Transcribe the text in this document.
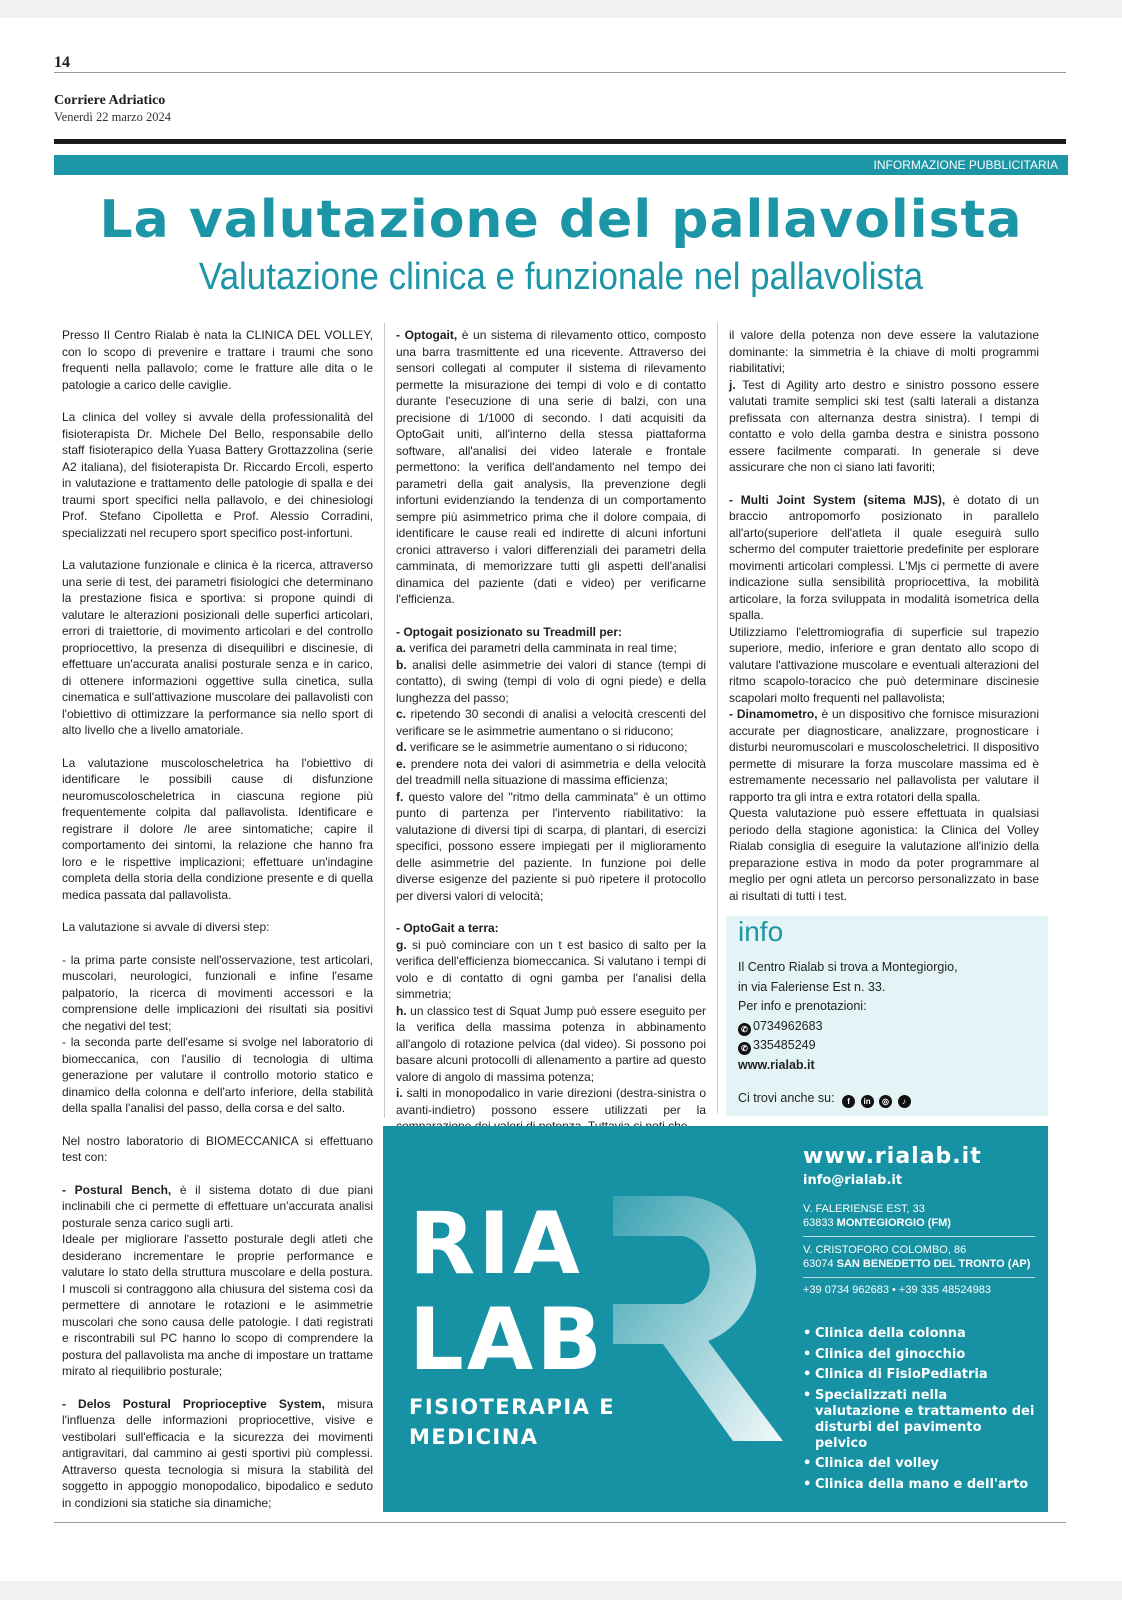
14
Corriere Adriatico
Venerdì 22 marzo 2024
INFORMAZIONE PUBBLICITARIA
La valutazione del pallavolista
Valutazione clinica e funzionale nel pallavolista

Presso Il Centro Rialab è nata la CLINICA DEL VOLLEY, con lo scopo di prevenire e trattare i traumi che sono frequenti nella pallavolo; come le fratture alle dita o le patologie a carico delle caviglie.

La clinica del volley si avvale della professionalità del fisioterapista Dr. Michele Del Bello, responsabile dello staff fisioterapico della Yuasa Battery Grottazzolina (serie A2 italiana), del fisioterapista Dr. Riccardo Ercoli, esperto in valutazione e trattamento delle patologie di spalla e dei traumi sport specifici nella pallavolo, e dei chinesiologi Prof. Stefano Cipolletta e Prof. Alessio Corradini, specializzati nel recupero sport specifico post-infortuni.

La valutazione funzionale e clinica è la ricerca, attraverso una serie di test, dei parametri fisiologici che determinano la prestazione fisica e sportiva: si propone quindi di valutare le alterazioni posizionali delle superfici articolari, errori di traiettorie, di movimento articolari e del controllo propriocettivo, la presenza di disequilibri e discinesie, di effettuare un'accurata analisi posturale senza e in carico, di ottenere informazioni oggettive sulla cinetica, sulla cinematica e sull'attivazione muscolare dei pallavolisti con l'obiettivo di ottimizzare la performance sia nello sport di alto livello che a livello amatoriale.

La valutazione muscoloscheletrica ha l'obiettivo di identificare le possibili cause di disfunzione neuromuscoloscheletrica in ciascuna regione più frequentemente colpita dal pallavolista. Identificare e registrare il dolore /le aree sintomatiche; capire il comportamento dei sintomi, la relazione che hanno fra loro e le rispettive implicazioni; effettuare un'indagine completa della storia della condizione presente e di quella medica passata dal pallavolista.

La valutazione si avvale di diversi step:

- la prima parte consiste nell'osservazione, test articolari, muscolari, neurologici, funzionali e infine l'esame palpatorio, la ricerca di movimenti accessori e la comprensione delle implicazioni dei risultati sia positivi che negativi del test;

- la seconda parte dell'esame si svolge nel laboratorio di biomeccanica, con l'ausilio di tecnologia di ultima generazione per valutare il controllo motorio statico e dinamico della colonna e dell'arto inferiore, della stabilità della spalla l'analisi del passo, della corsa e del salto.

Nel nostro laboratorio di BIOMECCANICA si effettuano test con:

- Postural Bench, è il sistema dotato di due piani inclinabili che ci permette di effettuare un'accurata analisi posturale senza carico sugli arti.

Ideale per migliorare l'assetto posturale degli atleti che desiderano incrementare le proprie performance e valutare lo stato della struttura muscolare e della postura. I muscoli si contraggono alla chiusura del sistema così da permettere di annotare le rotazioni e le asimmetrie muscolari che sono causa delle patologie. I dati registrati e riscontrabili sul PC hanno lo scopo di comprendere la postura del pallavolista ma anche di impostare un trattame mirato al riequilibrio posturale;

- Delos Postural Proprioceptive System, misura l'influenza delle informazioni propriocettive, visive e vestibolari sull'efficacia e la sicurezza dei movimenti antigravitari, dal cammino ai gesti sportivi più complessi. Attraverso questa tecnologia si misura la stabilità del soggetto in appoggio monopodalico, bipodalico e seduto in condizioni sia statiche sia dinamiche;

- Optogait, è un sistema di rilevamento ottico, composto una barra trasmittente ed una ricevente. Attraverso dei sensori collegati al computer il sistema di rilevamento permette la misurazione dei tempi di volo e di contatto durante l'esecuzione di una serie di balzi, con una precisione di 1/1000 di secondo. I dati acquisiti da OptoGait uniti, all'interno della stessa piattaforma software, all'analisi dei video laterale e frontale permettono: la verifica dell'andamento nel tempo dei parametri della gait analysis, lla prevenzione degli infortuni evidenziando la tendenza di un comportamento sempre più asimmetrico prima che il dolore compaia, di identificare le cause reali ed indirette di alcuni infortuni cronici attraverso i valori differenziali dei parametri della camminata, di memorizzare tutti gli aspetti dell'analisi dinamica del paziente (dati e video) per verificarne l'efficienza.

- Optogait posizionato su Treadmill per:

a. verifica dei parametri della camminata in real time;

b. analisi delle asimmetrie dei valori di stance (tempi di contatto), di swing (tempi di volo di ogni piede) e della lunghezza del passo;

c. ripetendo 30 secondi di analisi a velocità crescenti del verificare se le asimmetrie aumentano o si riducono;

d. verificare se le asimmetrie aumentano o si riducono;

e. prendere nota dei valori di asimmetria e della velocità del treadmill nella situazione di massima efficienza;

f. questo valore del "ritmo della camminata" è un ottimo punto di partenza per l'intervento riabilitativo: la valutazione di diversi tipi di scarpa, di plantari, di esercizi specifici, possono essere impiegati per il miglioramento delle asimmetrie del paziente. In funzione poi delle diverse esigenze del paziente si può ripetere il protocollo per diversi valori di velocità;

- OptoGait a terra:

g. si può cominciare con un t est basico di salto per la verifica dell'efficienza biomeccanica. Si valutano i tempi di volo e di contatto di ogni gamba per l'analisi della simmetria;

h. un classico test di Squat Jump può essere eseguito per la verifica della massima potenza in abbinamento all'angolo di rotazione pelvica (dal video). Si possono poi basare alcuni protocolli di allenamento a partire ad questo valore di angolo di massima potenza;

i. salti in monopodalico in varie direzioni (destra-sinistra o avanti-indietro) possono essere utilizzati per la

il valore della potenza non deve essere la valutazione dominante: la simmetria è la chiave di molti programmi riabilitativi;

j. Test di Agility arto destro e sinistro possono essere valutati tramite semplici ski test (salti laterali a distanza prefissata con alternanza destra sinistra). I tempi di contatto e volo della gamba destra e sinistra possono essere facilmente comparati. In generale si deve assicurare che non ci siano lati favoriti;

- Multi Joint System (sitema MJS), è dotato di un braccio antropomorfo posizionato in parallelo all'arto(superiore dell'atleta il quale eseguirà sullo schermo del computer traiettorie predefinite per esplorare movimenti articolari complessi. L'Mjs ci permette di avere indicazione sulla sensibilità propriocettiva, la mobilità articolare, la forza sviluppata in modalità isometrica della spalla.

Utilizziamo l'elettromiografia di superficie sul trapezio superiore, medio, inferiore e gran dentato allo scopo di valutare l'attivazione muscolare e eventuali alterazioni del ritmo scapolo-toracico che può determinare discinesie scapolari molto frequenti nel pallavolista;

- Dinamometro, è un dispositivo che fornisce misurazioni accurate per diagnosticare, analizzare, prognosticare i disturbi neuromuscolari e muscoloscheletrici. Il dispositivo permette di misurare la forza muscolare massima ed è estremamente necessario nel pallavolista per valutare il rapporto tra gli intra e extra rotatori della spalla.

Questa valutazione può essere effettuata in qualsiasi periodo della stagione agonistica: la Clinica del Volley Rialab consiglia di eseguire la valutazione all'inizio della preparazione estiva in modo da poter programmare al meglio per ogni atleta un percorso personalizzato in base ai risultati di tutti i test.

info
Il Centro Rialab si trova a Montegiorgio,
in via Faleriense Est n. 33.
Per info e prenotazioni:
✆ 0734962683
✆ 335485249
www.rialab.it
Ci trovi anche su: f in ◎ ♪
RIA
LAB
FISIOTERAPIA E
MEDICINA
www.rialab.it
info@rialab.it
V. FALERIENSE EST, 33
63833 MONTEGIORGIO (FM)
V. CRISTOFORO COLOMBO, 86
63074 SAN BENEDETTO DEL TRONTO (AP)
+39 0734 962683 • +39 335 48524983
• Clinica della colonna
• Clinica del ginocchio
• Clinica di FisioPediatria
• Specializzati nella valutazione e trattamento dei disturbi del pavimento pelvico
• Clinica del volley
• Clinica della mano e dell'arto
